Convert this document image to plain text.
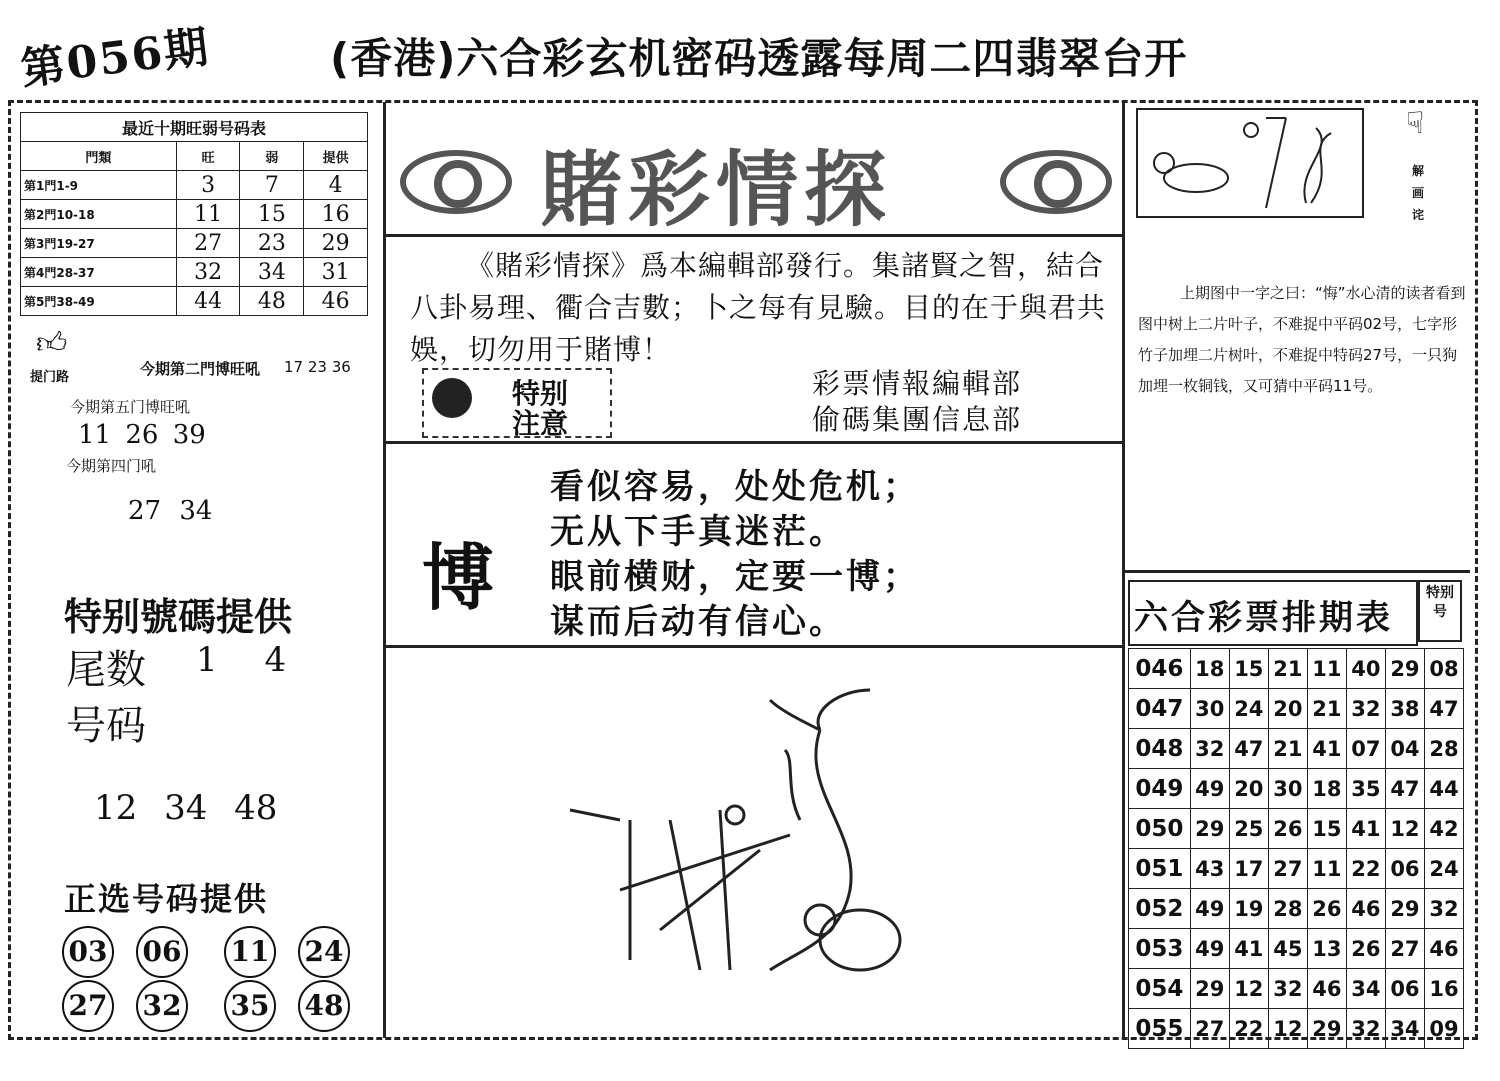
第056期	(香港)六合彩玄机密码透露每周二四翡翠台开
最近十期旺弱号码表			
門類	旺	弱	提供
第1門1-9	3	7	4
第2門10-18	11	15	16
第3門19-27	27	23	29
第4門28-37	32	34	31
第5門38-49	44	48	46
👍︎
提门路	今期第二門博旺吼 17 23 36
今期第五门博旺吼
11 26 39
今期第四门吼
27 34
特别號碼提供
尾数 1 4
号码
12 34 48
正选号码提供
03 06 11 24
27 32 35 48
賭彩情探
《賭彩情探》爲本編輯部發行。集諸賢之智，結合八卦易理、衢合吉數；卜之每有見驗。目的在于與君共娛，切勿用于賭博！
特别
注意
彩票情報編輯部
偷碼集團信息部
博
看似容易，处处危机；
无从下手真迷茫。
眼前横财，定要一博；
谋而后动有信心。
☟
解画诧
上期图中一字之曰：“悔”水心清的读者看到图中树上二片叶子，不难捉中平码02号，七字形竹子加埋二片树叶，不难捉中特码27号，一只狗加埋一枚铜钱，又可猜中平码11号。
六合彩票排期表
特别号
046	18	15	21	11	40	29	08
047	30	24	20	21	32	38	47
048	32	47	21	41	07	04	28
049	49	20	30	18	35	47	44
050	29	25	26	15	41	12	42
051	43	17	27	11	22	06	24
052	49	19	28	26	46	29	32
053	49	41	45	13	26	27	46
054	29	12	32	46	34	06	16
055	27	22	12	29	32	34	09
